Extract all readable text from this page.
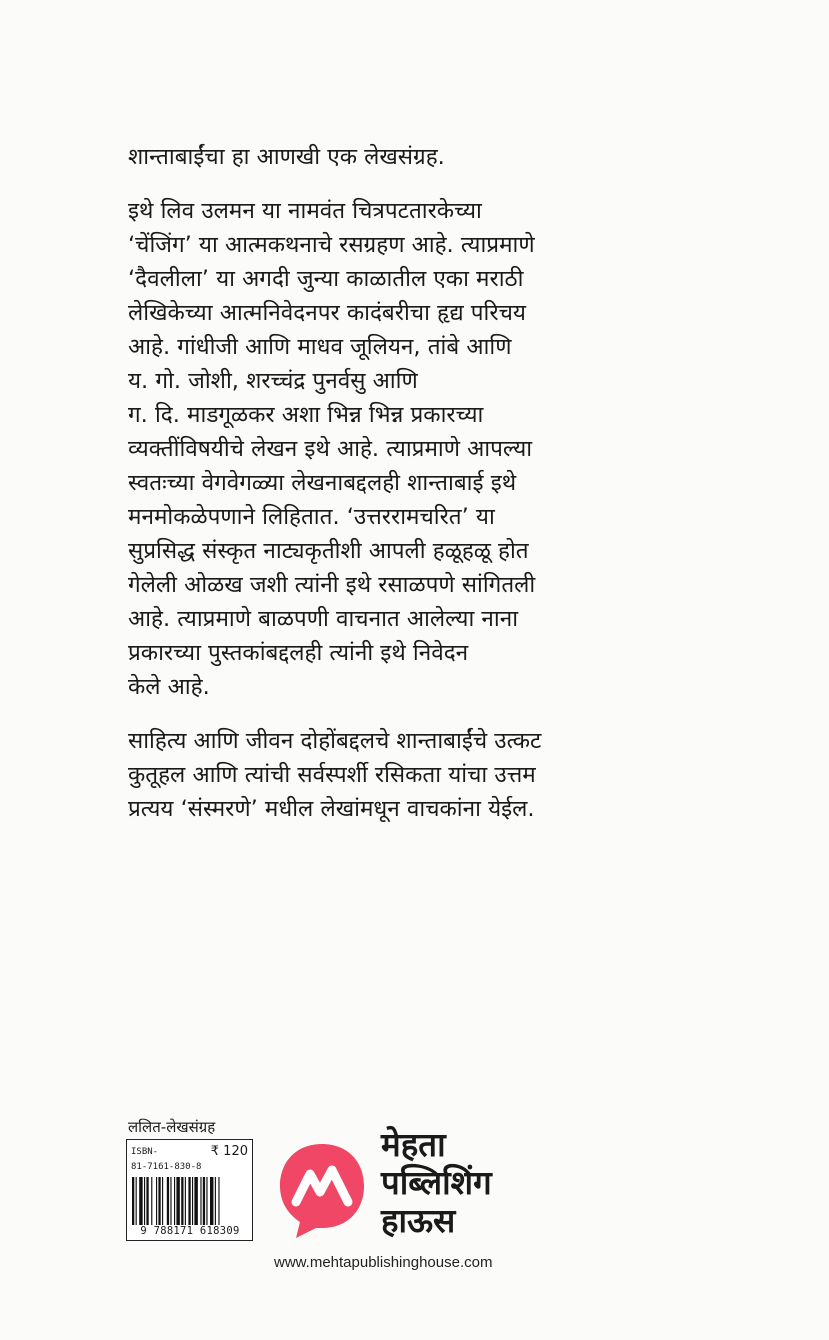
शान्ताबाईंचा हा आणखी एक लेखसंग्रह.

इथे लिव उलमन या नामवंत चित्रपटतारकेच्या
‘चेंजिंग’ या आत्मकथनाचे रसग्रहण आहे. त्याप्रमाणे
‘दैवलीला’ या अगदी जुन्या काळातील एका मराठी
लेखिकेच्या आत्मनिवेदनपर कादंबरीचा हृद्य परिचय
आहे. गांधीजी आणि माधव जूलियन, तांबे आणि
य. गो. जोशी, शरच्चंद्र पुनर्वसु आणि
ग. दि. माडगूळकर अशा भिन्न भिन्न प्रकारच्या
व्यक्तींविषयीचे लेखन इथे आहे. त्याप्रमाणे आपल्या
स्वतःच्या वेगवेगळ्या लेखनाबद्दलही शान्ताबाई इथे
मनमोकळेपणाने लिहितात. ‘उत्तररामचरित’ या
सुप्रसिद्ध संस्कृत नाट्यकृतीशी आपली हळूहळू होत
गेलेली ओळख जशी त्यांनी इथे रसाळपणे सांगितली
आहे. त्याप्रमाणे बाळपणी वाचनात आलेल्या नाना
प्रकारच्या पुस्तकांबद्दलही त्यांनी इथे निवेदन
केले आहे.

साहित्य आणि जीवन दोहोंबद्दलचे शान्ताबाईंचे उत्कट
कुतूहल आणि त्यांची सर्वस्पर्शी रसिकता यांचा उत्तम
प्रत्यय ‘संस्मरणे’ मधील लेखांमधून वाचकांना येईल.

ललित-लेखसंग्रह
ISBN-
81-7161-830-8
₹ 120
9 788171 618309
मेहता
पब्लिशिंग
हाऊस
www.mehtapublishinghouse.com
